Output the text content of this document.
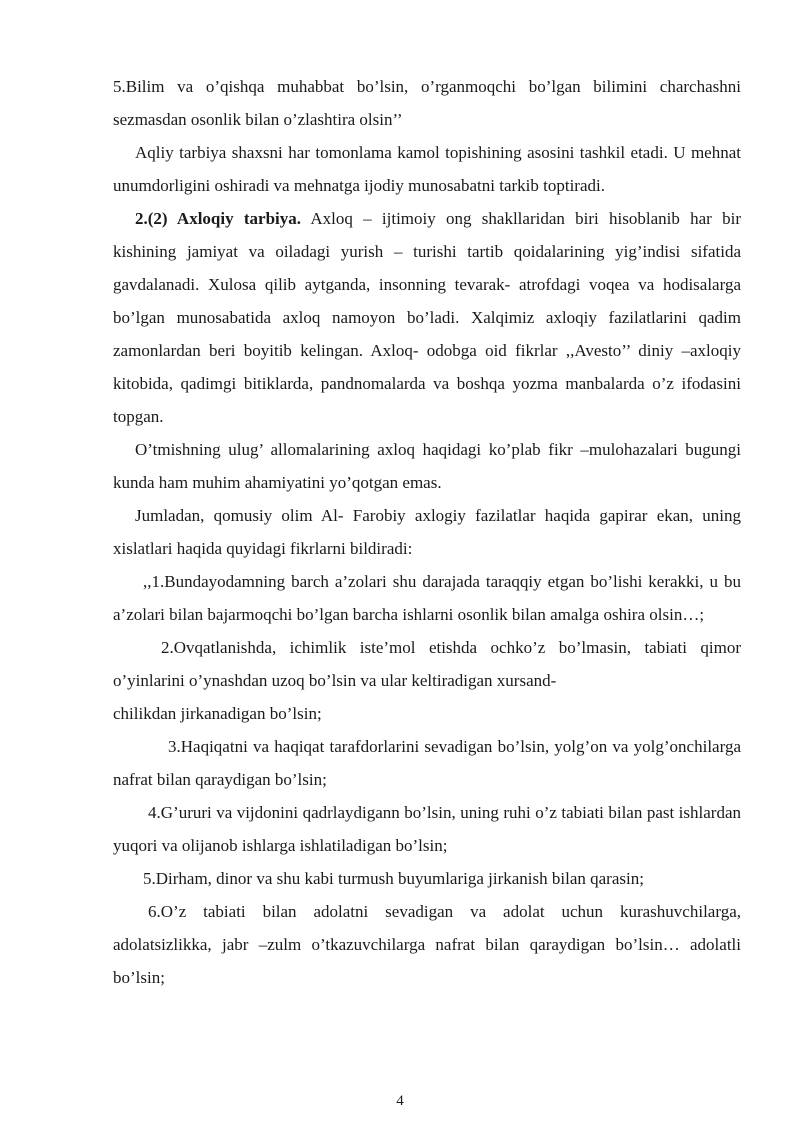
5.Bilim va o’qishqa muhabbat bo’lsin, o’rganmoqchi bo’lgan bilimini charchashni sezmasdan osonlik bilan o’zlashtira olsin’’

Aqliy tarbiya shaxsni har tomonlama kamol topishining asosini tashkil etadi. U mehnat unumdorligini oshiradi va mehnatga ijodiy munosabatni tarkib toptiradi.

2.(2) Axloqiy tarbiya. Axloq – ijtimoiy ong shakllaridan biri hisoblanib har bir kishining jamiyat va oiladagi yurish – turishi tartib qoidalarining yig’indisi sifatida gavdalanadi. Xulosa qilib aytganda, insonning tevarak- atrofdagi voqea va hodisalarga bo’lgan munosabatida axloq namoyon bo’ladi. Xalqimiz axloqiy fazilatlarini qadim zamonlardan beri boyitib kelingan. Axloq- odobga oid fikrlar ,,Avesto’’ diniy –axloqiy kitobida, qadimgi bitiklarda, pandnomalarda va boshqa yozma manbalarda o’z ifodasini topgan.

O’tmishning ulug’ allomalarining axloq haqidagi ko’plab fikr –mulohazalari bugungi kunda ham muhim ahamiyatini yo’qotgan emas.

Jumladan, qomusiy olim Al- Farobiy axlogiy fazilatlar haqida gapirar ekan, uning xislatlari haqida quyidagi fikrlarni bildiradi:

,,1.Bundayodamning barch a’zolari shu darajada taraqqiy etgan bo’lishi kerakki, u bu a’zolari bilan bajarmoqchi bo’lgan barcha ishlarni osonlik bilan amalga oshira olsin…;

2.Ovqatlanishda, ichimlik iste’mol etishda ochko’z bo’lmasin, tabiati qimor o’yinlarini o’ynashdan uzoq bo’lsin va ular keltiradigan xursand-

chilikdan jirkanadigan bo’lsin;

3.Haqiqatni va haqiqat tarafdorlarini sevadigan bo’lsin, yolg’on va yolg’onchilarga nafrat bilan qaraydigan bo’lsin;

4.G’ururi va vijdonini qadrlaydigann bo’lsin, uning ruhi o’z tabiati bilan past ishlardan yuqori va olijanob ishlarga ishlatiladigan bo’lsin;

5.Dirham, dinor va shu kabi turmush buyumlariga jirkanish bilan qarasin;

6.O’z tabiati bilan adolatni sevadigan va adolat uchun kurashuvchilarga, adolatsizlikka, jabr –zulm o’tkazuvchilarga nafrat bilan qaraydigan bo’lsin… adolatli bo’lsin;

4
